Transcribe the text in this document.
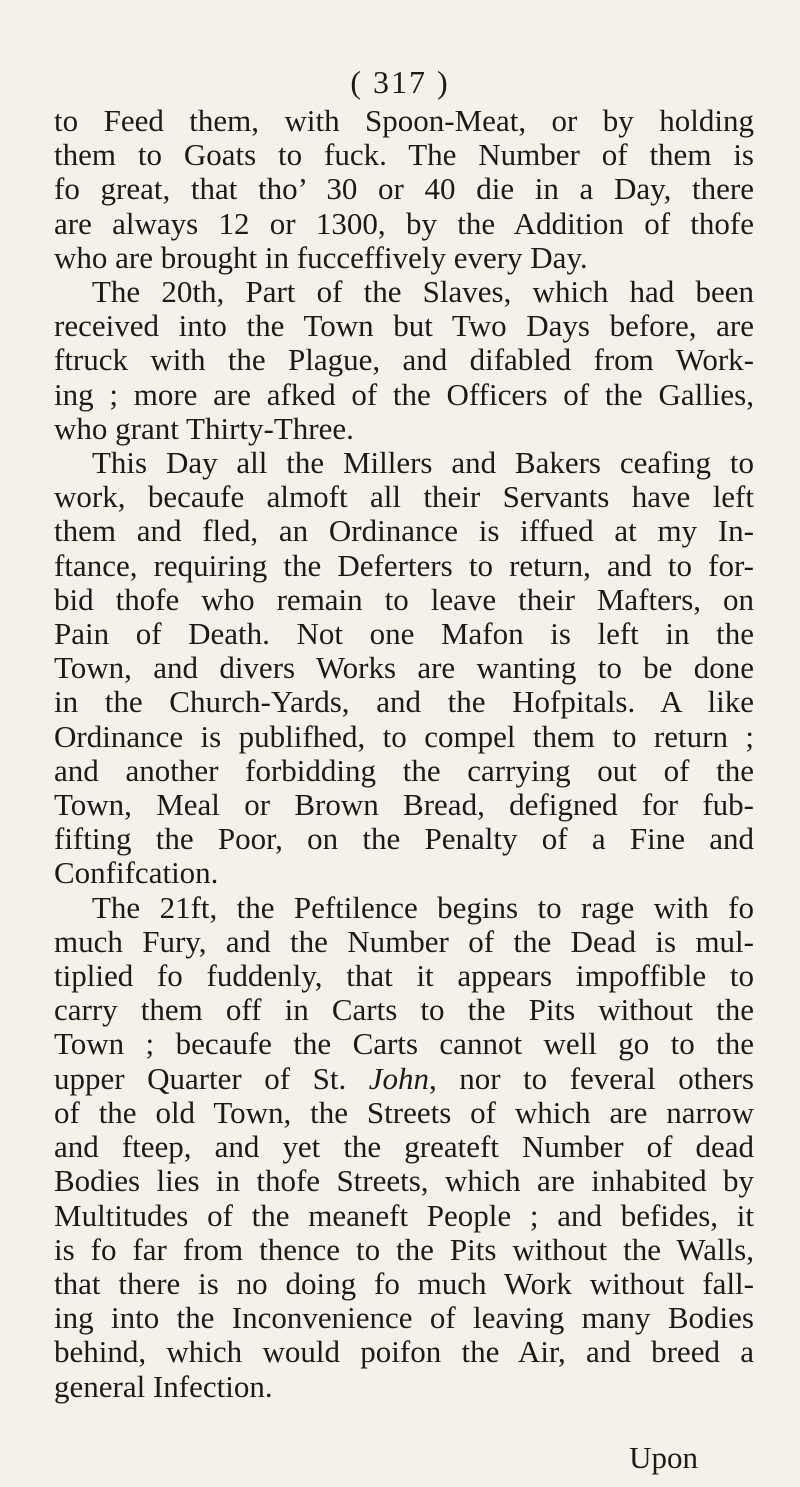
( 317 )
to Feed them, with Spoon-Meat, or by holding
them to Goats to fuck. The Number of them is
fo great, that tho’ 30 or 40 die in a Day, there
are always 12 or 1300, by the Addition of thofe
who are brought in fucceffively every Day.
The 20th, Part of the Slaves, which had been
received into the Town but Two Days before, are
ftruck with the Plague, and difabled from Work-
ing ; more are afked of the Officers of the Gallies,
who grant Thirty-Three.
This Day all the Millers and Bakers ceafing to
work, becaufe almoft all their Servants have left
them and fled, an Ordinance is iffued at my In-
ftance, requiring the Deferters to return, and to for-
bid thofe who remain to leave their Mafters, on
Pain of Death. Not one Mafon is left in the
Town, and divers Works are wanting to be done
in the Church-Yards, and the Hofpitals. A like
Ordinance is publifhed, to compel them to return ;
and another forbidding the carrying out of the
Town, Meal or Brown Bread, defigned for fub-
fifting the Poor, on the Penalty of a Fine and
Confifcation.
The 21ft, the Peftilence begins to rage with fo
much Fury, and the Number of the Dead is mul-
tiplied fo fuddenly, that it appears impoffible to
carry them off in Carts to the Pits without the
Town ; becaufe the Carts cannot well go to the
upper Quarter of St. John, nor to feveral others
of the old Town, the Streets of which are narrow
and fteep, and yet the greateft Number of dead
Bodies lies in thofe Streets, which are inhabited by
Multitudes of the meaneft People ; and befides, it
is fo far from thence to the Pits without the Walls,
that there is no doing fo much Work without fall-
ing into the Inconvenience of leaving many Bodies
behind, which would poifon the Air, and breed a
general Infection.
Upon
